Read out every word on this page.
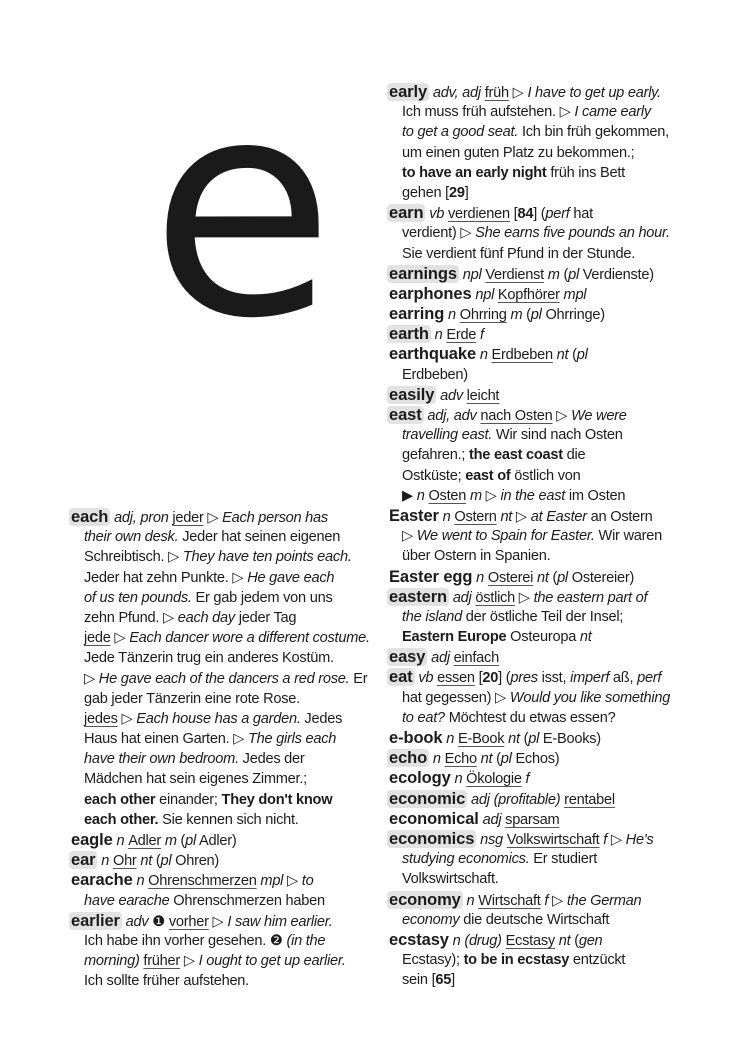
e
each adj, pron jeder ▷ Each person has
their own desk. Jeder hat seinen eigenen
Schreibtisch. ▷ They have ten points each.
Jeder hat zehn Punkte. ▷ He gave each
of us ten pounds. Er gab jedem von uns
zehn Pfund. ▷ each day jeder Tag
jede ▷ Each dancer wore a different costume.
Jede Tänzerin trug ein anderes Kostüm.
▷ He gave each of the dancers a red rose. Er
gab jeder Tänzerin eine rote Rose.
jedes ▷ Each house has a garden. Jedes
Haus hat einen Garten. ▷ The girls each
have their own bedroom. Jedes der
Mädchen hat sein eigenes Zimmer.;
each other einander; They don't know
each other. Sie kennen sich nicht.
eagle n Adler m (pl Adler)
ear n Ohr nt (pl Ohren)
earache n Ohrenschmerzen mpl ▷ to
have earache Ohrenschmerzen haben
earlier adv ❶ vorher ▷ I saw him earlier.
Ich habe ihn vorher gesehen. ❷ (in the
morning) früher ▷ I ought to get up earlier.
Ich sollte früher aufstehen.
early adv, adj früh ▷ I have to get up early.
Ich muss früh aufstehen. ▷ I came early
to get a good seat. Ich bin früh gekommen,
um einen guten Platz zu bekommen.;
to have an early night früh ins Bett
gehen [29]
earn vb verdienen [84] (perf hat
verdient) ▷ She earns five pounds an hour.
Sie verdient fünf Pfund in der Stunde.
earnings npl Verdienst m (pl Verdienste)
earphones npl Kopfhörer mpl
earring n Ohrring m (pl Ohrringe)
earth n Erde f
earthquake n Erdbeben nt (pl
Erdbeben)
easily adv leicht
east adj, adv nach Osten ▷ We were
travelling east. Wir sind nach Osten
gefahren.; the east coast die
Ostküste; east of östlich von
▶ n Osten m ▷ in the east im Osten
Easter n Ostern nt ▷ at Easter an Ostern
▷ We went to Spain for Easter. Wir waren
über Ostern in Spanien.
Easter egg n Osterei nt (pl Ostereier)
eastern adj östlich ▷ the eastern part of
the island der östliche Teil der Insel;
Eastern Europe Osteuropa nt
easy adj einfach
eat vb essen [20] (pres isst, imperf aß, perf
hat gegessen) ▷ Would you like something
to eat? Möchtest du etwas essen?
e-book n E-Book nt (pl E-Books)
echo n Echo nt (pl Echos)
ecology n Ökologie f
economic adj (profitable) rentabel
economical adj sparsam
economics nsg Volkswirtschaft f ▷ He's
studying economics. Er studiert
Volkswirtschaft.
economy n Wirtschaft f ▷ the German
economy die deutsche Wirtschaft
ecstasy n (drug) Ecstasy nt (gen
Ecstasy); to be in ecstasy entzückt
sein [65]
